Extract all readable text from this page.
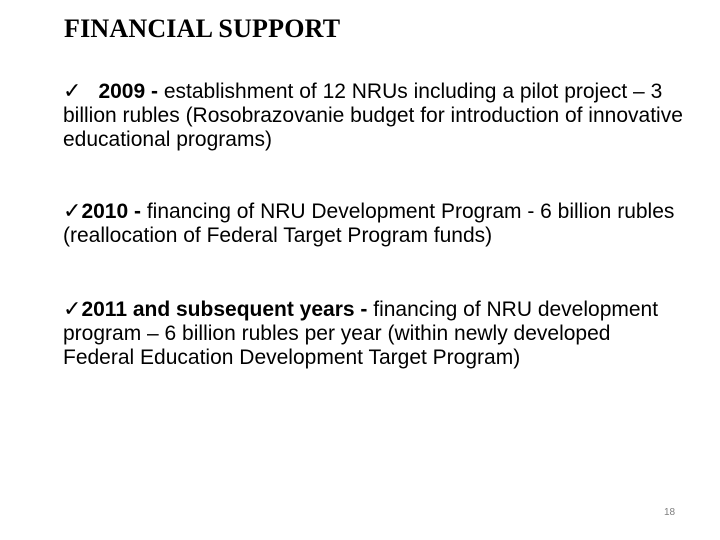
FINANCIAL SUPPORT
✓ 2009 - establishment of 12 NRUs including a pilot project – 3 billion rubles (Rosobrazovanie budget for introduction of innovative educational programs)
✓2010 - financing of NRU Development Program - 6 billion rubles (reallocation of Federal Target Program funds)
✓2011 and subsequent years - financing of NRU development program – 6 billion rubles per year (within newly developed Federal Education Development Target Program)
18
